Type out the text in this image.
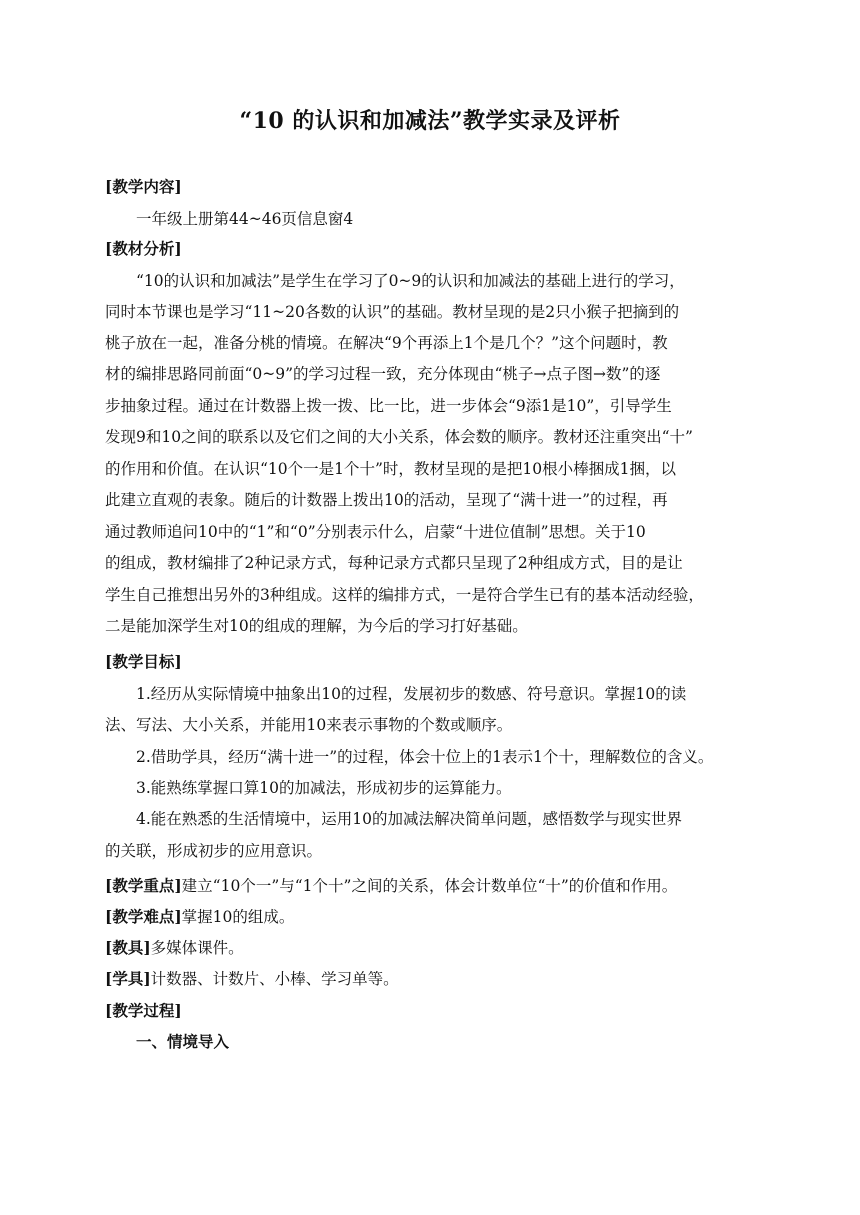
“10 的认识和加减法”教学实录及评析
[教学内容]
一年级上册第44~46页信息窗4
[教材分析]
“10的认识和加减法”是学生在学习了0~9的认识和加减法的基础上进行的学习，
同时本节课也是学习“11~20各数的认识”的基础。教材呈现的是2只小猴子把摘到的
桃子放在一起，准备分桃的情境。在解决“9个再添上1个是几个？”这个问题时，教
材的编排思路同前面“0~9”的学习过程一致，充分体现由“桃子→点子图→数”的逐
步抽象过程。通过在计数器上拨一拨、比一比，进一步体会“9添1是10”，引导学生
发现9和10之间的联系以及它们之间的大小关系，体会数的顺序。教材还注重突出“十”
的作用和价值。在认识“10个一是1个十”时，教材呈现的是把10根小棒捆成1捆，以
此建立直观的表象。随后的计数器上拨出10的活动，呈现了“满十进一”的过程，再
通过教师追问10中的“1”和“0”分别表示什么，启蒙“十进位值制”思想。关于10
的组成，教材编排了2种记录方式，每种记录方式都只呈现了2种组成方式，目的是让
学生自己推想出另外的3种组成。这样的编排方式，一是符合学生已有的基本活动经验，
二是能加深学生对10的组成的理解，为今后的学习打好基础。
[教学目标]
1.经历从实际情境中抽象出10的过程，发展初步的数感、符号意识。掌握10的读
法、写法、大小关系，并能用10来表示事物的个数或顺序。
2.借助学具，经历“满十进一”的过程，体会十位上的1表示1个十，理解数位的含义。
3.能熟练掌握口算10的加减法，形成初步的运算能力。
4.能在熟悉的生活情境中，运用10的加减法解决简单问题，感悟数学与现实世界
的关联，形成初步的应用意识。
[教学重点]建立“10个一”与“1个十”之间的关系，体会计数单位“十”的价值和作用。
[教学难点]掌握10的组成。
[教具]多媒体课件。
[学具]计数器、计数片、小棒、学习单等。
[教学过程]
一、情境导入
